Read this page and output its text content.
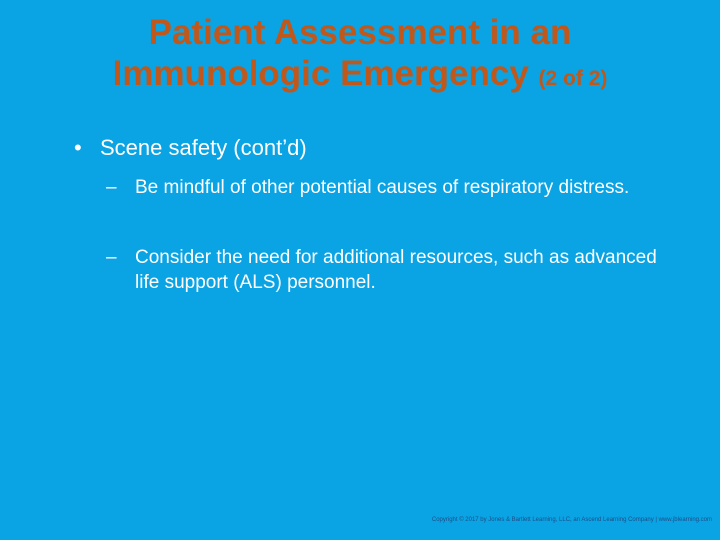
Patient Assessment in an
Immunologic Emergency (2 of 2)
• Scene safety (cont’d)
– Be mindful of other potential causes of respiratory distress.
– Consider the need for additional resources, such as advanced life support (ALS) personnel.
Copyright © 2017 by Jones & Bartlett Learning, LLC, an Ascend Learning Company | www.jblearning.com
